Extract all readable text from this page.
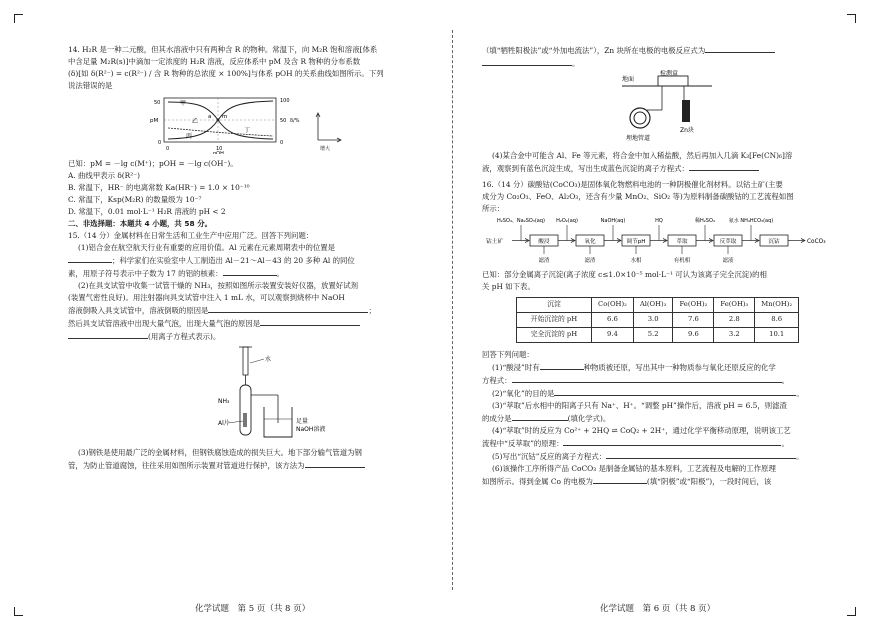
14. H₂R 是一种二元酸，但其水溶液中只有两种含 R 的物种。常温下，向 M₂R 饱和溶液[体系

中含足量 M₂R(s)]中滴加一定浓度的 H₂R 溶液，反应体系中 pM 及含 R 物种的分布系数

(δ)[如 δ(R²⁻) = c(R²⁻) / 含 R 物种的总浓度 × 100%]与体系 pOH 的关系曲线如图所示。下列

说法错误的是

甲
乙
丙
丁
a m
pM
50
0
0	10
pOH
100
50
0
δ/%
增大

已知：pM = －lg c(M⁺)；pOH = －lg c(OH⁻)。

A. 曲线甲表示 δ(R²⁻)

B. 常温下，HR⁻ 的电离常数 Ka(HR⁻) = 1.0 × 10⁻¹⁰

C. 常温下，Ksp(M₂R) 的数量级为 10⁻⁷

D. 常温下，0.01 mol·L⁻¹ H₂R 溶液的 pH < 2

二、非选择题：本题共 4 小题，共 58 分。

15.（14 分）金属材料在日常生活和工业生产中应用广泛。回答下列问题：

(1)铝合金在航空航天行业有重要的应用价值。Al 元素在元素周期表中的位置是

；科学家们在实验室中人工制造出 Al－21～Al－43 的 20 多种 Al 的同位

素，用原子符号表示中子数为 17 的铝的核素：	。

(2)在具支试管中收集一试管干燥的 NH₃，按照如图所示装置安装好仪器，放置好试剂

(装置气密性良好)。用注射器向具支试管中注入 1 mL 水，可以观察到烧杯中 NaOH

溶液倒吸入具支试管中，溶液倒吸的原因是	；

然后具支试管溶液中出现大量气泡，出现大量气泡的原因是

(用离子方程式表示)。

水
NH₃
Al片	足量
NaOH溶液

(3)钢铁是使用最广泛的金属材料，但钢铁腐蚀造成的损失巨大。地下部分输气管道为钢

管，为防止管道腐蚀，往往采用如图所示装置对管道进行保护，该方法为

化学试题　第 5 页（共 8 页）

（填“牺牲阳极法”或“外加电流法”），Zn 块所在电极的电极反应式为

。

地面
检测盒
埋地管道
Zn块

(4)某合金中可能含 Al、Fe 等元素，将合金中加入稀盐酸，然后再加入几滴 K₃[Fe(CN)₆]溶

液，观察到有蓝色沉淀生成，写出生成蓝色沉淀的离子方程式：

16.（14 分）碳酸钴(CoCO₃)是固体氧化物燃料电池的一种阴极催化剂材料。以钴土矿(主要

成分为 Co₂O₃、FeO、Al₂O₃，还含有少量 MnO₂、SiO₂ 等)为原料制备碳酸钴的工艺流程如图

所示：

钴土矿	酸浸	氧化	调节pH	萃取	反萃取	沉钴	CoCO₃
H₂SO₄、Na₂SO₃(aq) H₂O₂(aq)	NaOH(aq)	HQ	稀H₂SO₄	氨水 NH₄HCO₃(aq)
滤渣	滤渣	水相	有机相	滤液

已知：部分金属离子沉淀(离子浓度 c≤1.0×10⁻⁵ mol·L⁻¹ 可认为该离子完全沉淀)的相

关 pH 如下表。

沉淀	Co(OH)₂	Al(OH)₃	Fe(OH)₂	Fe(OH)₃	Mn(OH)₂
开始沉淀的 pH	6.6	3.0	7.6	2.8	8.6
完全沉淀的 pH	9.4	5.2	9.6	3.2	10.1

回答下列问题：

(1)“酸浸”时有	种物质被还原，写出其中一种物质参与氧化还原反应的化学

方程式：	。

(2)“氧化”的目的是	。

(3)“萃取”后水相中的阳离子只有 Na⁺、H⁺。“调整 pH”操作后，溶液 pH = 6.5，则滤渣

的成分是	(填化学式)。

(4)“萃取”时的反应为 Co²⁺ + 2HQ ⇌ CoQ₂ + 2H⁺，通过化学平衡移动原理，说明该工艺

流程中“反萃取”的原理：	。

(5)写出“沉钴”反应的离子方程式：	。

(6)该操作工序所得产品 CoCO₃ 是制备金属钴的基本原料，工艺流程及电解的工作原理

如图所示。得到金属 Co 的电极为	(填“阴极”或“阳极”)，一段时间后，该

化学试题　第 6 页（共 8 页）
